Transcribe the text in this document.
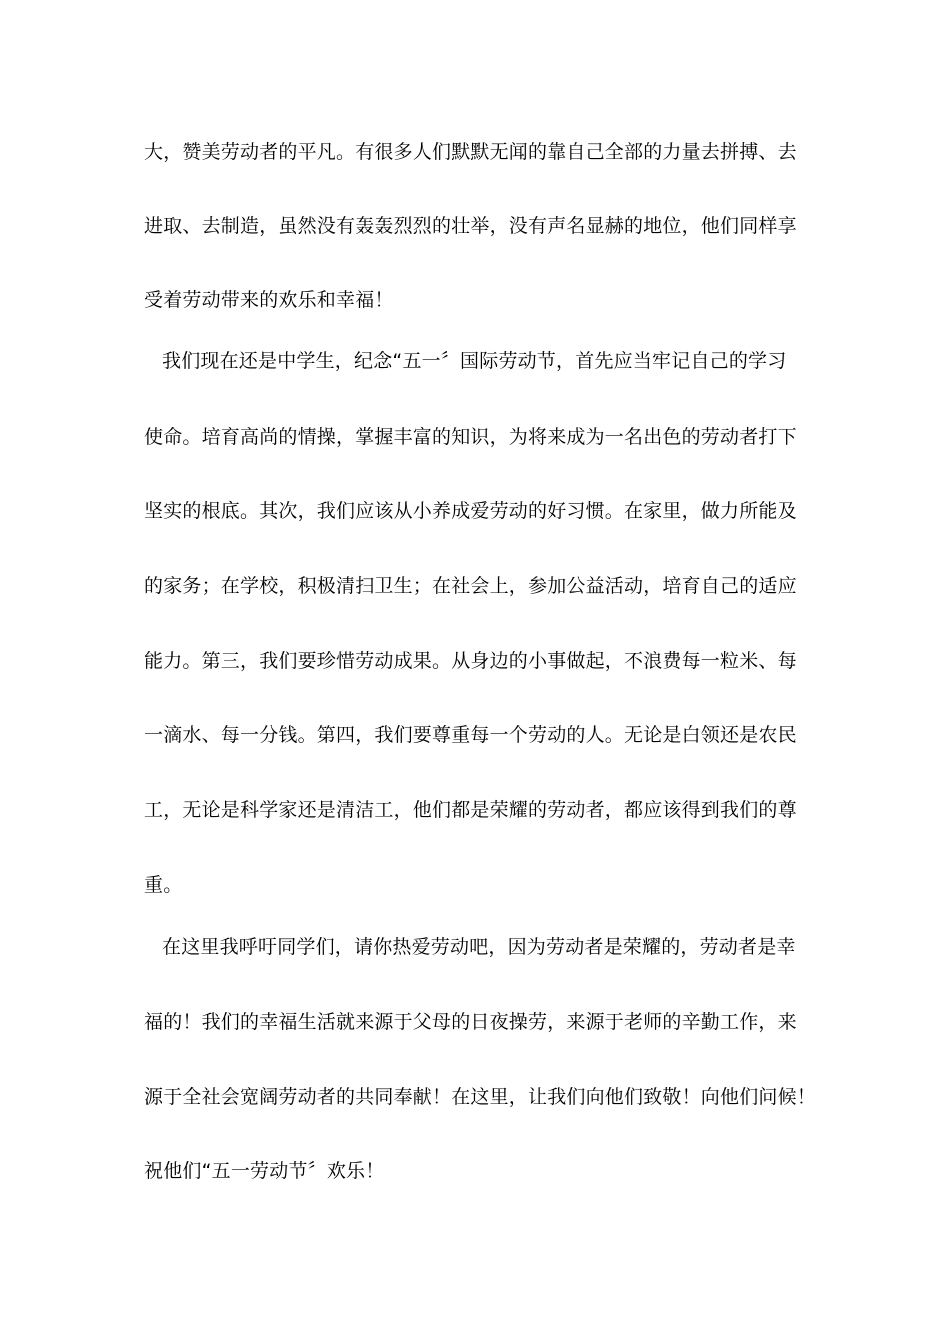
大，赞美劳动者的平凡。有很多人们默默无闻的靠自己全部的力量去拼搏、去
进取、去制造，虽然没有轰轰烈烈的壮举，没有声名显赫的地位，他们同样享
受着劳动带来的欢乐和幸福！
我们现在还是中学生，纪念“五一〞国际劳动节，首先应当牢记自己的学习
使命。培育高尚的情操，掌握丰富的知识，为将来成为一名出色的劳动者打下
坚实的根底。其次，我们应该从小养成爱劳动的好习惯。在家里，做力所能及
的家务；在学校，积极清扫卫生；在社会上，参加公益活动，培育自己的适应
能力。第三，我们要珍惜劳动成果。从身边的小事做起，不浪费每一粒米、每
一滴水、每一分钱。第四，我们要尊重每一个劳动的人。无论是白领还是农民
工，无论是科学家还是清洁工，他们都是荣耀的劳动者，都应该得到我们的尊
重。
在这里我呼吁同学们，请你热爱劳动吧，因为劳动者是荣耀的，劳动者是幸
福的！我们的幸福生活就来源于父母的日夜操劳，来源于老师的辛勤工作，来
源于全社会宽阔劳动者的共同奉献！在这里，让我们向他们致敬！向他们问候！
祝他们“五一劳动节〞欢乐！
